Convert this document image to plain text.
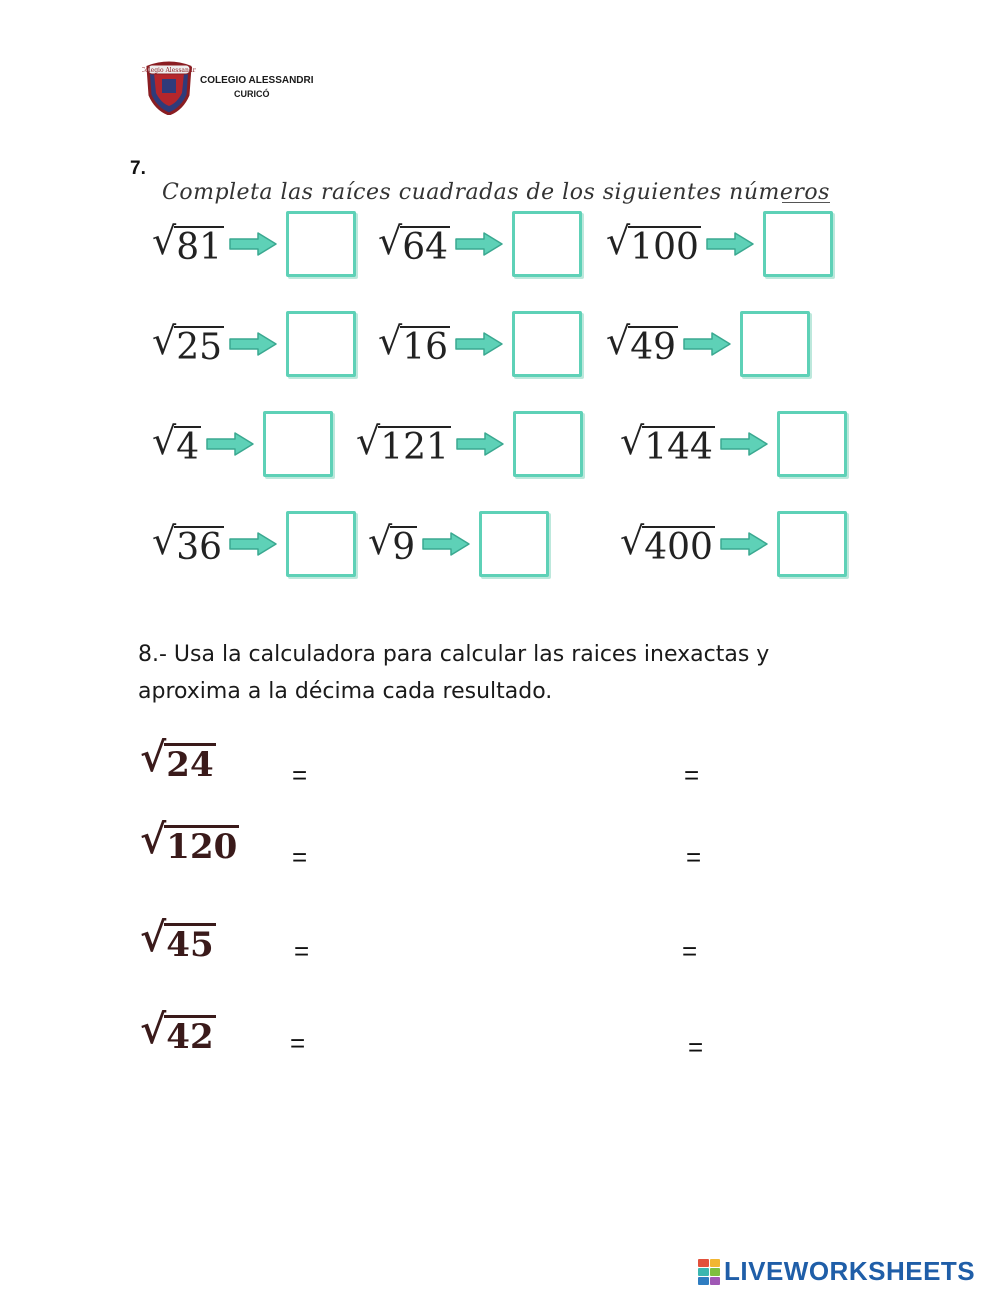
Colegio Alessandri
COLEGIO ALESSANDRI
CURICÓ
7.
Completa las raíces cuadradas de los siguientes números
√ 81	√ 64	√ 100
√ 25	√ 16	√ 49
√ 4	√ 121	√ 144
√ 36	√ 9	√ 400
8.- Usa la calculadora para calcular las raices inexactas y aproxima a la décima cada resultado.
√ 24	=	=
√ 120 =	=
√ 45	=	=
√ 42	=	=
LIVEWORKSHEETS
